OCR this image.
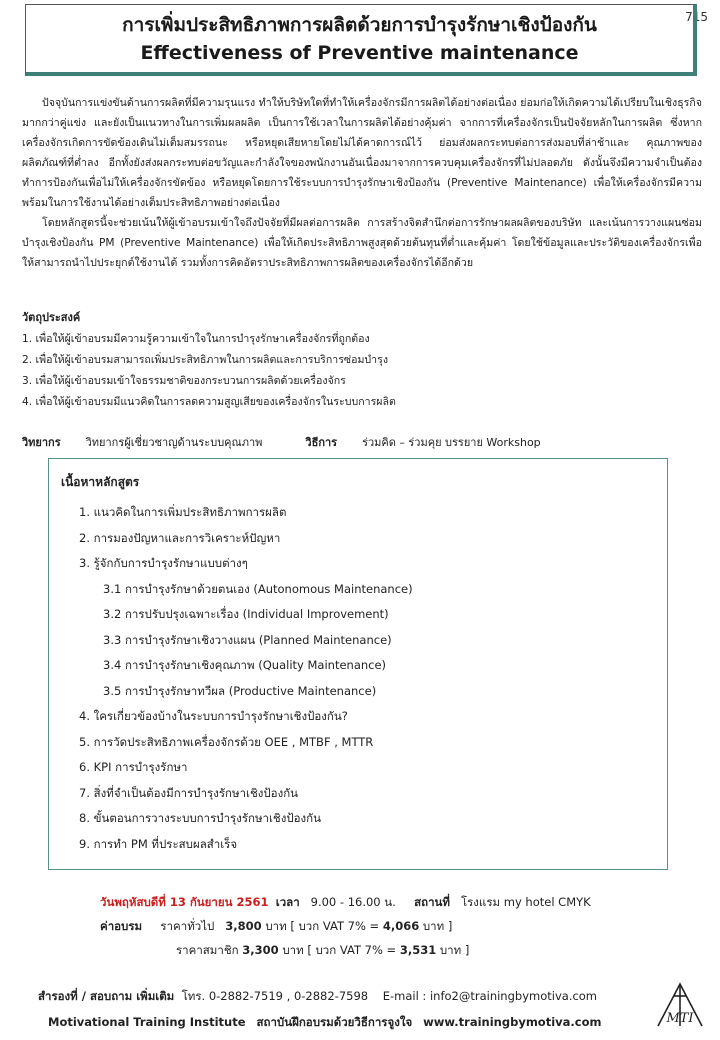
715
การเพิ่มประสิทธิภาพการผลิตด้วยการบำรุงรักษาเชิงป้องกัน
Effectiveness of Preventive maintenance

ปัจจุบันการแข่งขันด้านการผลิตที่มีความรุนแรง ทำให้บริษัทใดที่ทำให้เครื่องจักรมีการผลิตได้อย่างต่อเนื่อง ย่อมก่อให้เกิดความได้เปรียบในเชิงธุรกิจมากกว่าคู่แข่ง และยังเป็นแนวทางในการเพิ่มผลผลิต เป็นการใช้เวลาในการผลิตได้อย่างคุ้มค่า จากการที่เครื่องจักรเป็นปัจจัยหลักในการผลิต ซึ่งหากเครื่องจักรเกิดการขัดข้องเดินไม่เต็มสมรรถนะ หรือหยุดเสียหายโดยไม่ได้คาดการณ์ไว้ ย่อมส่งผลกระทบต่อการส่งมอบที่ล่าช้าและ คุณภาพของผลิตภัณฑ์ที่ต่ำลง อีกทั้งยังส่งผลกระทบต่อขวัญและกำลังใจของพนักงานอันเนื่องมาจากการควบคุมเครื่องจักรที่ไม่ปลอดภัย ดังนั้นจึงมีความจำเป็นต้องทำการป้องกันเพื่อไม่ให้เครื่องจักรขัดข้อง หรือหยุดโดยการใช้ระบบการบำรุงรักษาเชิงป้องกัน (Preventive Maintenance) เพื่อให้เครื่องจักรมีความพร้อมในการใช้งานได้อย่างเต็มประสิทธิภาพอย่างต่อเนื่อง

โดยหลักสูตรนี้จะช่วยเน้นให้ผู้เข้าอบรมเข้าใจถึงปัจจัยที่มีผลต่อการผลิต การสร้างจิตสำนึกต่อการรักษาผลผลิตของบริษัท และเน้นการวางแผนซ่อมบำรุงเชิงป้องกัน PM (Preventive Maintenance) เพื่อให้เกิดประสิทธิภาพสูงสุดด้วยต้นทุนที่ต่ำและคุ้มค่า โดยใช้ข้อมูลและประวัติของเครื่องจักรเพื่อให้สามารถนำไปประยุกต์ใช้งานได้ รวมทั้งการคิดอัตราประสิทธิภาพการผลิตของเครื่องจักรได้อีกด้วย

วัตถุประสงค์
1. เพื่อให้ผู้เข้าอบรมมีความรู้ความเข้าใจในการบำรุงรักษาเครื่องจักรที่ถูกต้อง
2. เพื่อให้ผู้เข้าอบรมสามารถเพิ่มประสิทธิภาพในการผลิตและการบริการซ่อมบำรุง
3. เพื่อให้ผู้เข้าอบรมเข้าใจธรรมชาติของกระบวนการผลิตด้วยเครื่องจักร
4. เพื่อให้ผู้เข้าอบรมมีแนวคิดในการลดความสูญเสียของเครื่องจักรในระบบการผลิต
วิทยากร วิทยากรผู้เชี่ยวชาญด้านระบบคุณภาพ	วิธีการ ร่วมคิด – ร่วมคุย บรรยาย Workshop
เนื้อหาหลักสูตร
1. แนวคิดในการเพิ่มประสิทธิภาพการผลิต
2. การมองปัญหาและการวิเคราะห์ปัญหา
3. รู้จักกับการบำรุงรักษาแบบต่างๆ
3.1 การบำรุงรักษาด้วยตนเอง (Autonomous Maintenance)
3.2 การปรับปรุงเฉพาะเรื่อง (Individual Improvement)
3.3 การบำรุงรักษาเชิงวางแผน (Planned Maintenance)
3.4 การบำรุงรักษาเชิงคุณภาพ (Quality Maintenance)
3.5 การบำรุงรักษาทวีผล (Productive Maintenance)
4. ใครเกี่ยวข้องบ้างในระบบการบำรุงรักษาเชิงป้องกัน?
5. การวัดประสิทธิภาพเครื่องจักรด้วย OEE , MTBF , MTTR
6. KPI การบำรุงรักษา
7. สิ่งที่จำเป็นต้องมีการบำรุงรักษาเชิงป้องกัน
8. ขั้นตอนการวางระบบการบำรุงรักษาเชิงป้องกัน
9. การทำ PM ที่ประสบผลสำเร็จ
วันพฤหัสบดีที่ 13 กันยายน 2561 เวลา 9.00 - 16.00 น. สถานที่ โรงแรม my hotel CMYK
ค่าอบรม ราคาทั่วไป 3,800 บาท [ บวก VAT 7% = 4,066 บาท ]
ราคาสมาชิก 3,300 บาท [ บวก VAT 7% = 3,531 บาท ]
สำรองที่ / สอบถาม เพิ่มเติม โทร. 0-2882-7519 , 0-2882-7598 E-mail : info2@trainingbymotiva.com
Motivational Training Institute สถาบันฝึกอบรมด้วยวิธีการจูงใจ www.trainingbymotiva.com	MTI
